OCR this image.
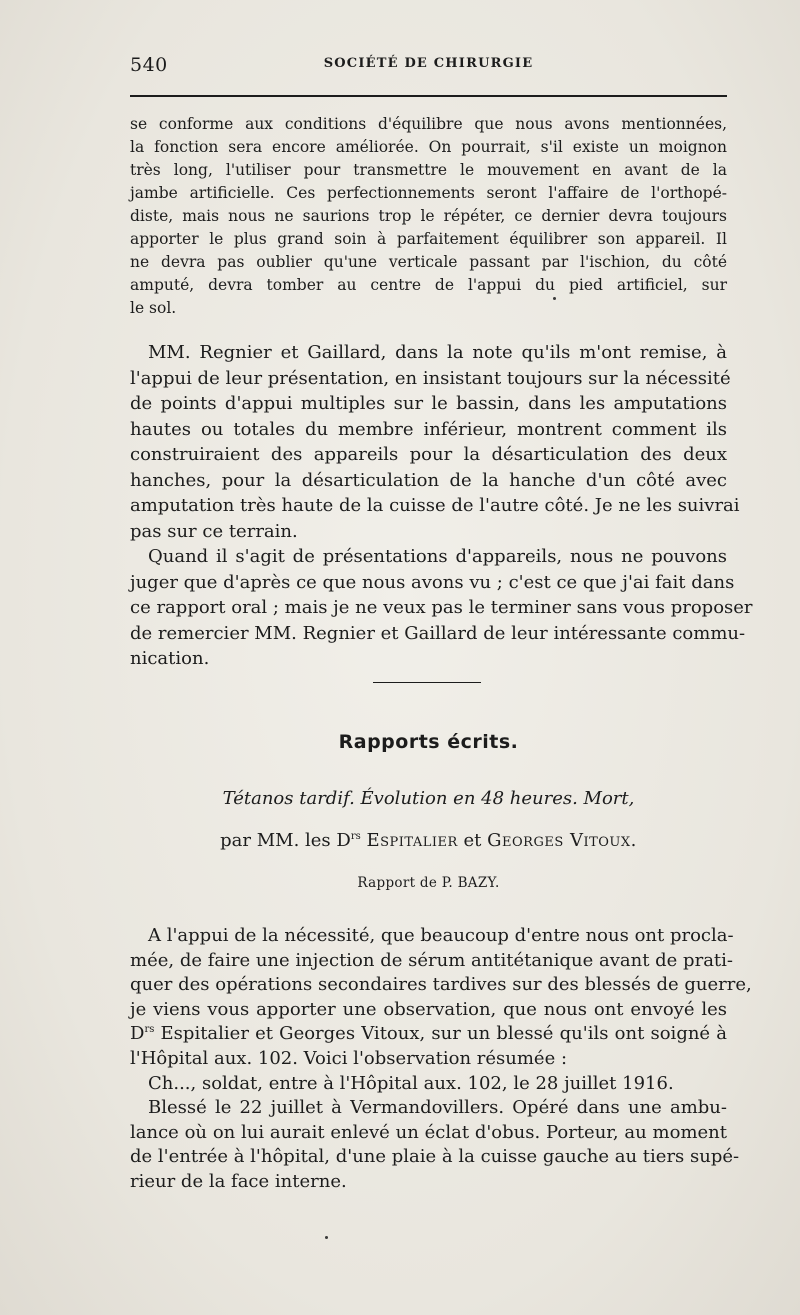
540	SOCIÉTÉ DE CHIRURGIE
se conforme aux conditions d'équilibre que nous avons mentionnées,
la fonction sera encore améliorée. On pourrait, s'il existe un moignon
très long, l'utiliser pour transmettre le mouvement en avant de la
jambe artificielle. Ces perfectionnements seront l'affaire de l'orthopé-
diste, mais nous ne saurions trop le répéter, ce dernier devra toujours
apporter le plus grand soin à parfaitement équilibrer son appareil. Il
ne devra pas oublier qu'une verticale passant par l'ischion, du côté
amputé, devra tomber au centre de l'appui du pied artificiel, sur
le sol.
MM. Regnier et Gaillard, dans la note qu'ils m'ont remise, à
l'appui de leur présentation, en insistant toujours sur la nécessité
de points d'appui multiples sur le bassin, dans les amputations
hautes ou totales du membre inférieur, montrent comment ils
construiraient des appareils pour la désarticulation des deux
hanches, pour la désarticulation de la hanche d'un côté avec
amputation très haute de la cuisse de l'autre côté. Je ne les suivrai
pas sur ce terrain.
Quand il s'agit de présentations d'appareils, nous ne pouvons
juger que d'après ce que nous avons vu ; c'est ce que j'ai fait dans
ce rapport oral ; mais je ne veux pas le terminer sans vous proposer
de remercier MM. Regnier et Gaillard de leur intéressante commu-
nication.
Rapports écrits.
Tétanos tardif. Évolution en 48 heures. Mort,
par MM. les $D^{rs}$ Espitalier et Georges Vitoux.
Rapport de P. BAZY.
A l'appui de la nécessité, que beaucoup d'entre nous ont procla-
mée, de faire une injection de sérum antitétanique avant de prati-
quer des opérations secondaires tardives sur des blessés de guerre,
je viens vous apporter une observation, que nous ont envoyé les
$D^{rs}$ Espitalier et Georges Vitoux, sur un blessé qu'ils ont soigné à
l'Hôpital aux. 102. Voici l'observation résumée :
Ch..., soldat, entre à l'Hôpital aux. 102, le 28 juillet 1916.
Blessé le 22 juillet à Vermandovillers. Opéré dans une ambu-
lance où on lui aurait enlevé un éclat d'obus. Porteur, au moment
de l'entrée à l'hôpital, d'une plaie à la cuisse gauche au tiers supé-
rieur de la face interne.
